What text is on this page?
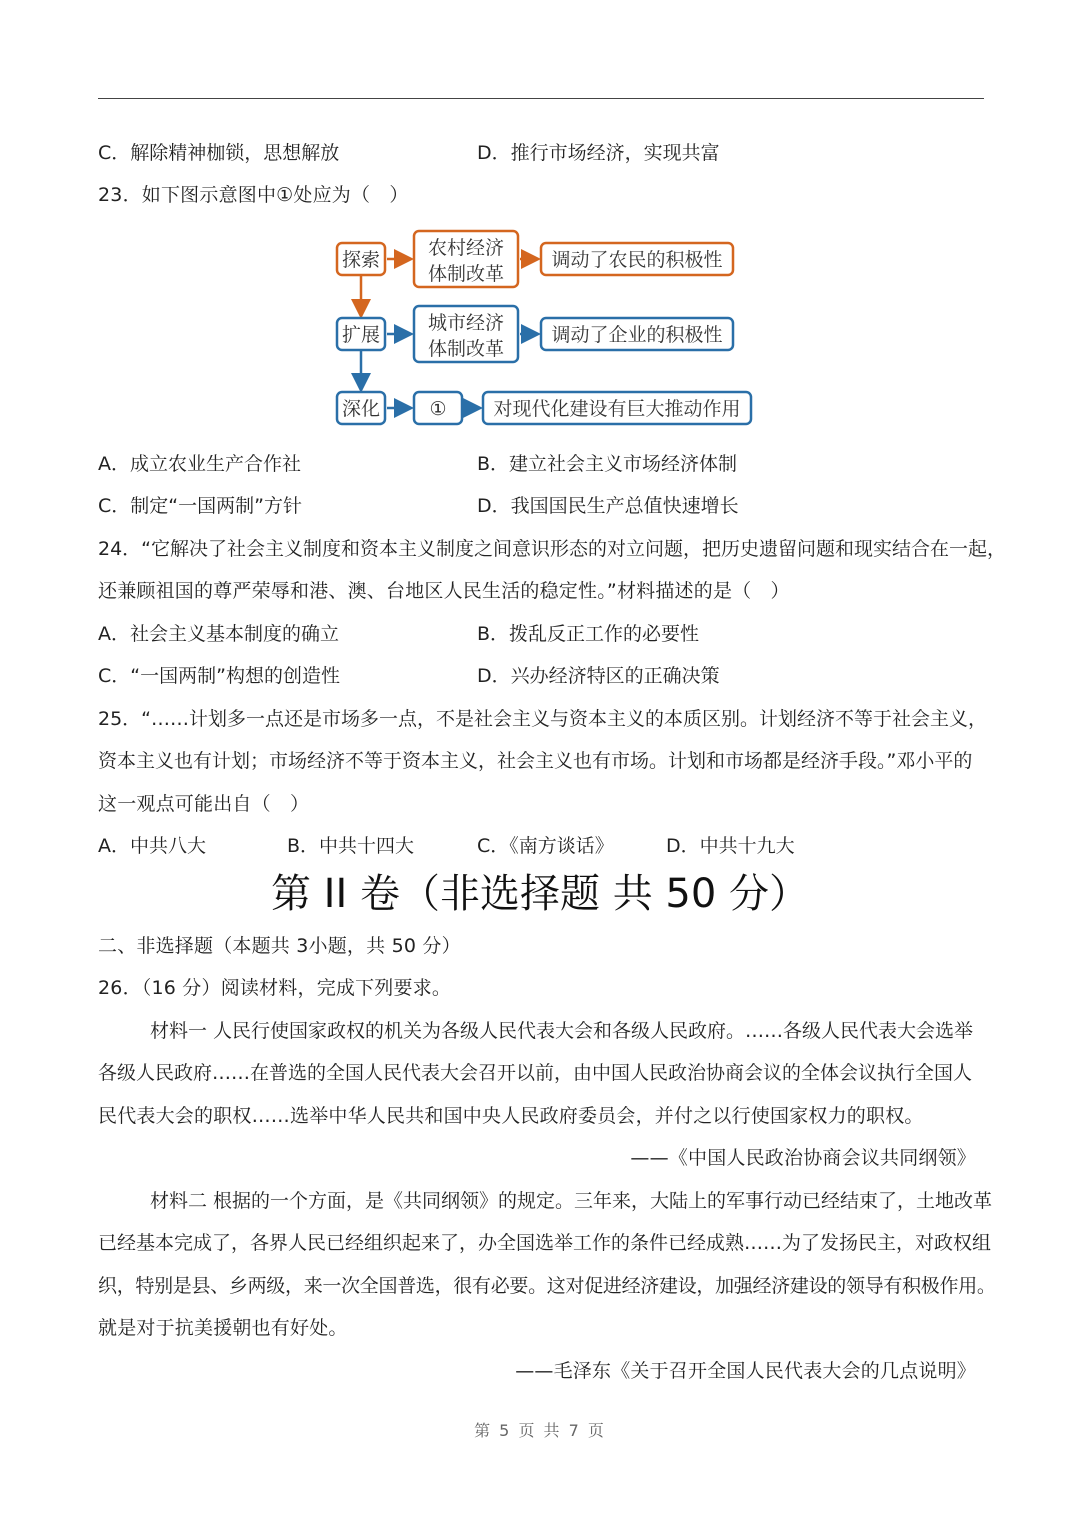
C．解除精神枷锁，思想解放	D．推行市场经济，实现共富
23．如下图示意图中①处应为（　）
探索
农村经济
体制改革
调动了农民的积极性
扩展
城市经济
体制改革
调动了企业的积极性
深化	① 对现代化建设有巨大推动作用
A．成立农业生产合作社	B．建立社会主义市场经济体制
C．制定“一国两制”方针	D．我国国民生产总值快速增长
24．“它解决了社会主义制度和资本主义制度之间意识形态的对立问题，把历史遗留问题和现实结合在一起，
还兼顾祖国的尊严荣辱和港、澳、台地区人民生活的稳定性。”材料描述的是（　）
A．社会主义基本制度的确立	B．拨乱反正工作的必要性
C．“一国两制”构想的创造性	D．兴办经济特区的正确决策
25．“……计划多一点还是市场多一点，不是社会主义与资本主义的本质区别。计划经济不等于社会主义，
资本主义也有计划；市场经济不等于资本主义，社会主义也有市场。计划和市场都是经济手段。”邓小平的
这一观点可能出自（　）
A．中共八大	B．中共十四大	C．《南方谈话》	D．中共十九大
第 II 卷（非选择题 共 50 分）
二、非选择题（本题共 3小题，共 50 分）
26．（16 分）阅读材料，完成下列要求。
材料一 人民行使国家政权的机关为各级人民代表大会和各级人民政府。……各级人民代表大会选举
各级人民政府……在普选的全国人民代表大会召开以前，由中国人民政治协商会议的全体会议执行全国人
民代表大会的职权……选举中华人民共和国中央人民政府委员会，并付之以行使国家权力的职权。
——《中国人民政治协商会议共同纲领》
材料二 根据的一个方面，是《共同纲领》的规定。三年来，大陆上的军事行动已经结束了，土地改革
已经基本完成了，各界人民已经组织起来了，办全国选举工作的条件已经成熟……为了发扬民主，对政权组
织，特别是县、乡两级，来一次全国普选，很有必要。这对促进经济建设，加强经济建设的领导有积极作用。
就是对于抗美援朝也有好处。
——毛泽东《关于召开全国人民代表大会的几点说明》
第 5 页 共 7 页
